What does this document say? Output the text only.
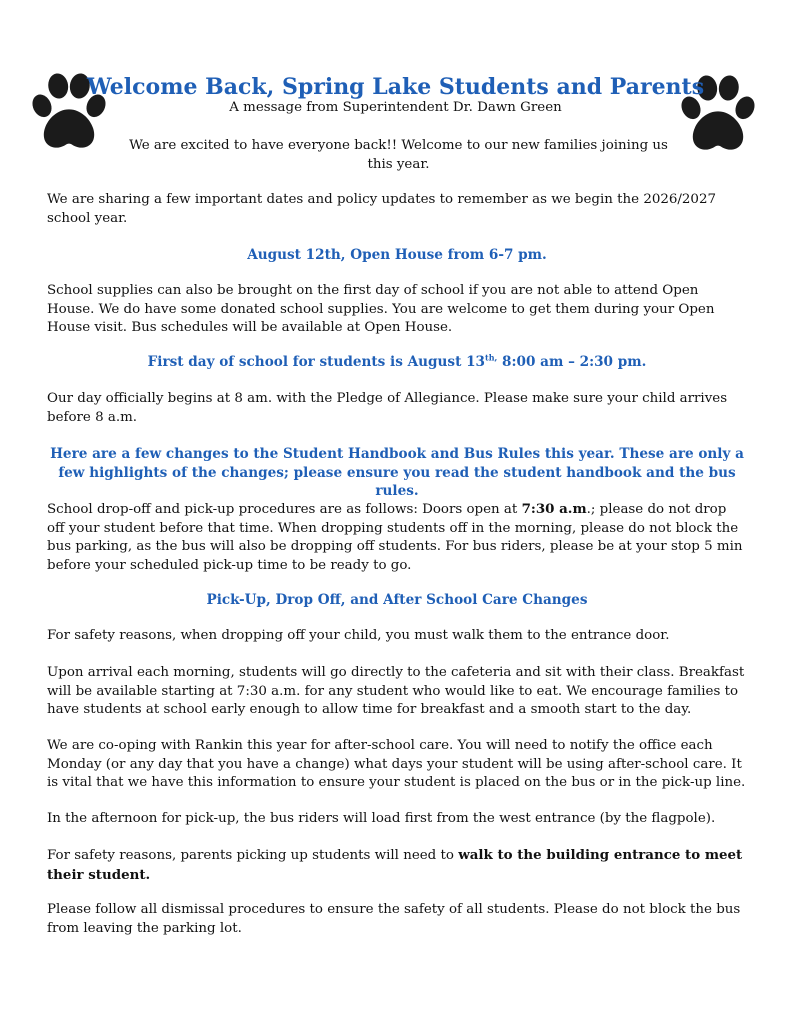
Welcome Back, Spring Lake Students and Parents
A message from Superintendent Dr. Dawn Green
We are excited to have everyone back!! Welcome to our new families joining us this year.
We are sharing a few important dates and policy updates to remember as we begin the 2026/2027 school year.
August 12th, Open House from 6-7 pm.
School supplies can also be brought on the first day of school if you are not able to attend Open House. We do have some donated school supplies. You are welcome to get them during your Open House visit. Bus schedules will be available at Open House.
First day of school for students is August $13^{th,}$ 8:00 am – 2:30 pm.
Our day officially begins at 8 am. with the Pledge of Allegiance. Please make sure your child arrives before 8 a.m.
Here are a few changes to the Student Handbook and Bus Rules this year. These are only a few highlights of the changes; please ensure you read the student handbook and the bus rules.
School drop-off and pick-up procedures are as follows: Doors open at 7:30 a.m.; please do not drop off your student before that time. When dropping students off in the morning, please do not block the bus parking, as the bus will also be dropping off students. For bus riders, please be at your stop 5 min before your scheduled pick-up time to be ready to go.
Pick-Up, Drop Off, and After School Care Changes
For safety reasons, when dropping off your child, you must walk them to the entrance door.
Upon arrival each morning, students will go directly to the cafeteria and sit with their class. Breakfast will be available starting at 7:30 a.m. for any student who would like to eat. We encourage families to have students at school early enough to allow time for breakfast and a smooth start to the day.
We are co-oping with Rankin this year for after-school care. You will need to notify the office each Monday (or any day that you have a change) what days your student will be using after-school care. It is vital that we have this information to ensure your student is placed on the bus or in the pick-up line.
In the afternoon for pick-up, the bus riders will load first from the west entrance (by the flagpole).
For safety reasons, parents picking up students will need to walk to the building entrance to meet their student.
Please follow all dismissal procedures to ensure the safety of all students. Please do not block the bus from leaving the parking lot.
